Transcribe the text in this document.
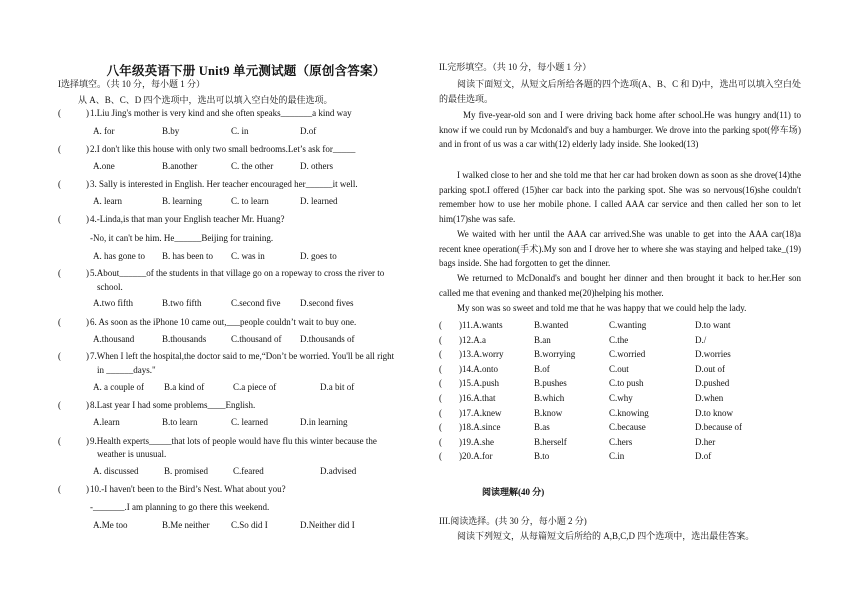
八年级英语下册 Unit9 单元测试题（原创含答案）
I选择填空。（共 10 分，每小题 1 分）
从 A、B、C、D 四个选项中，选出可以填入空白处的最佳选项。
(	) 1.Liu Jing's mother is very kind and she often speaks_______a kind way
A. for	B.by	C. in	D.of
(	) 2.I don't like this house with only two small bedrooms.Let’s ask for_____
A.one	B.another	C. the other	D. others
(	) 3. Sally is interested in English. Her teacher encouraged her______it well.
A. learn	B. learning	C. to learn	D. learned
(	) 4.-Linda,is that man your English teacher Mr. Huang?
-No, it can't be him. He______Beijing for training.
A. has gone to B. has been to C. was in	D. goes to
(	) 5.About______of the students in that village go on a ropeway to cross the river to
school.
A.two fifth	B.two fifth	C.second five D.second fives
(	) 6. As soon as the iPhone 10 came out,___people couldn’t wait to buy one.
A.thousand	B.thousands	C.thousand of D.thousands of
(	) 7.When I left the hospital,the doctor said to me,“Don’t be worried. You'll be all right
in ______days."
A. a couple of B.a kind of	C.a piece of	D.a bit of
(	) 8.Last year I had some problems____English.
A.learn	B.to learn	C. learned	D.in learning
(	) 9.Health experts_____that lots of people would have flu this winter because the
weather is unusual.
A. discussed	B. promised	C.feared	D.advised
(	) 10.-I haven't been to the Bird’s Nest. What about you?
-_______.I am planning to go there this weekend.
A.Me too	B.Me neither C.So did I	D.Neither did I
II.完形填空。（共 10 分，每小题 1 分）
阅读下面短文，从短文后所给各题的四个选项(A、B、C 和 D)中，选出可以填入空白处的最佳选项。
My five-year-old son and I were driving back home after school.He was hungry and(11) to know if we could run by Mcdonald's and buy a hamburger. We drove into the parking spot(停车场) and in front of us was a car with(12) elderly lady inside. She looked(13)
I walked close to her and she told me that her car had broken down as soon as she drove(14)the parking spot.I offered (15)her car back into the parking spot. She was so nervous(16)she couldn't remember how to use her mobile phone. I called AAA car service and then called her son to let him(17)she was safe.
We waited with her until the AAA car arrived.She was unable to get into the AAA car(18)a recent knee operation(手术).My son and I drove her to where she was staying and helped take_(19) bags inside. She had forgotten to get the dinner.
We returned to McDonald's and bought her dinner and then brought it back to her.Her son called me that evening and thanked me(20)helping his mother.
My son was so sweet and told me that he was happy that we could help the lady.
( ) 11.A.wants	B.wanted	C.wanting	D.to want
( ) 12.A.a	B.an	C.the	D./
( ) 13.A.worry	B.worrying	C.worried	D.worries
( ) 14.A.onto	B.of	C.out	D.out of
( ) 15.A.push	B.pushes	C.to push	D.pushed
( ) 16.A.that	B.which	C.why	D.when
( ) 17.A.knew	B.know	C.knowing	D.to know
( ) 18.A.since	B.as	C.because	D.because of
( ) 19.A.she	B.herself	C.hers	D.her
( ) 20.A.for	B.to	C.in	D.of
阅读理解(40 分)
III.阅读选择。(共 30 分，每小题 2 分)
阅读下列短文，从每篇短文后所给的 A,B,C,D 四个选项中，选出最佳答案。
